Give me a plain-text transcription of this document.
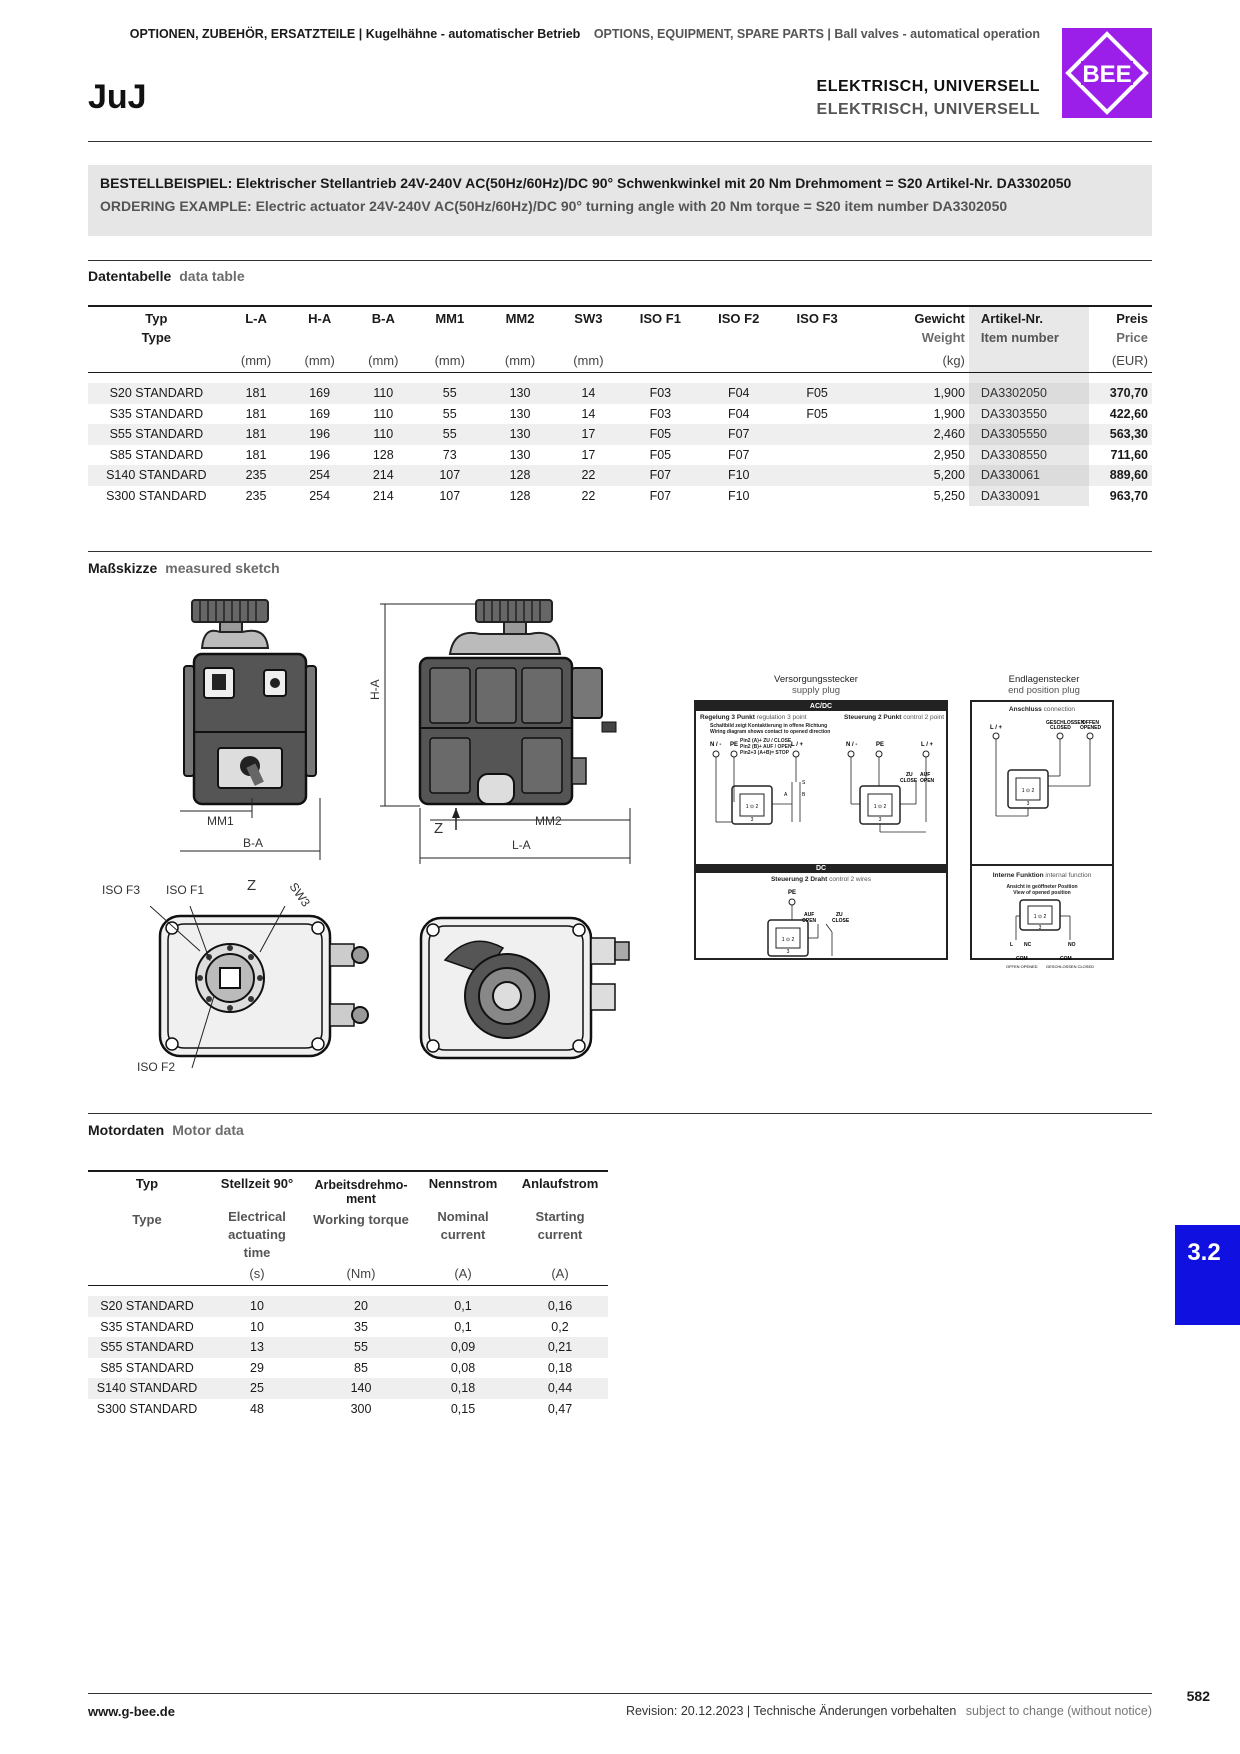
OPTIONEN, ZUBEHÖR, ERSATZTEILE | Kugelhähne - automatischer Betrieb OPTIONS, EQUIPMENT, SPARE PARTS | Ball valves - automatical operation
JuJ	ELEKTRISCH, UNIVERSELL
ELEKTRISCH, UNIVERSELL
BEE
BESTELLBEISPIEL: Elektrischer Stellantrieb 24V-240V AC(50Hz/60Hz)/DC 90° Schwenkwinkel mit 20 Nm Drehmoment = S20 Artikel-Nr. DA3302050
ORDERING EXAMPLE: Electric actuator 24V-240V AC(50Hz/60Hz)/DC 90° turning angle with 20 Nm torque = S20 item number DA3302050
Datentabelle data table
Typ
Type	L-A	H-A	B-A	MM1	MM2	SW3	ISO F1	ISO F2	ISO F3	Gewicht
Weight	Artikel-Nr.
Item number	Preis
Price
	(mm)	(mm)	(mm)	(mm)	(mm)	(mm)				(kg)		(EUR)

S20 STANDARD	181	169	110	55	130	14	F03	F04	F05	1,900	DA3302050	370,70
S35 STANDARD	181	169	110	55	130	14	F03	F04	F05	1,900	DA3303550	422,60
S55 STANDARD	181	196	110	55	130	17	F05	F07		2,460	DA3305550	563,30
S85 STANDARD	181	196	128	73	130	17	F05	F07		2,950	DA3308550	711,60
S140 STANDARD	235	254	214	107	128	22	F07	F10		5,200	DA330061	889,60
S300 STANDARD	235	254	214	107	128	22	F07	F10		5,250	DA330091	963,70
Maßskizze measured sketch
MM1
B-A
H-A
Z	MM2
L-A
ISO F3 ISO F1	Z	SW3
ISO F2
Versorgungsstecker
supply plug
Endlagenstecker
end position plug
AC/DC
Regelung 3 Punkt regulation 3 point	Steuerung 2 Punkt control 2 point
Schaltbild zeigt Kontaktierung in offene Richtung
Wiring diagram shows contact to opened direction
Pin2 (A)+ ZU / CLOSE
Pin2 (B)+ AUF / OPEN
Pin2+3 (A+B)= STOP
N / - PE	L / +
A	B
S
1 ⊙ 2
3
N / -	PE	L / +
ZU AUF
CLOSE OPEN
1 ⊙ 2
3
DC
Steuerung 2 Draht control 2 wires
PE
AUF
OPEN
ZU
CLOSE
1 ⊙ 2
3
Anschluss connection
GESCHLOSSEN
OFFEN
CLOSED OPENED
L / +
1 ⊙ 2
3
Interne Funktion internal function
Ansicht in geöffneter Position
View of opened position
1 ⊙ 2
3
L NC	NO
COM	COM
OFFEN OPENED GESCHLOSSEN CLOSED
Motordaten Motor data
Typ	Stellzeit 90°	Arbeitsdrehmo-ment	Nennstrom	Anlaufstrom
Type	Electrical actuating time	Working torque	Nominal current	Starting current
	(s)	(Nm)	(A)	(A)

S20 STANDARD	10	20	0,1	0,16
S35 STANDARD	10	35	0,1	0,2
S55 STANDARD	13	55	0,09	0,21
S85 STANDARD	29	85	0,08	0,18
S140 STANDARD	25	140	0,18	0,44
S300 STANDARD	48	300	0,15	0,47
3.2
582
www.g-bee.de	Revision: 20.12.2023 | Technische Änderungen vorbehalten subject to change (without notice)
